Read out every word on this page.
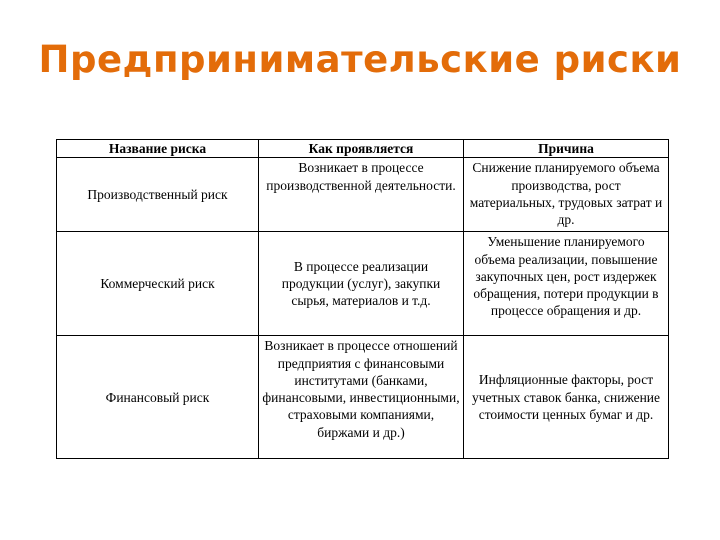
Предпринимательские риски
Название риска	Как проявляется	Причина
Производственный риск	Возникает в процессе производственной деятельности.	Снижение планируемого объема производства, рост материальных, трудовых затрат и др.
Коммерческий риск	В процессе реализации продукции (услуг), закупки сырья, материалов и т.д.	Уменьшение планируемого объема реализации, повышение закупочных цен, рост издержек обращения, потери продукции в процессе обращения и др.
Финансовый риск	Возникает в процессе отношений предприятия с финансовыми институтами (банками, финансовыми, инвестиционными, страховыми компаниями, биржами и др.)	Инфляционные факторы, рост учетных ставок банка, снижение стоимости ценных бумаг и др.
